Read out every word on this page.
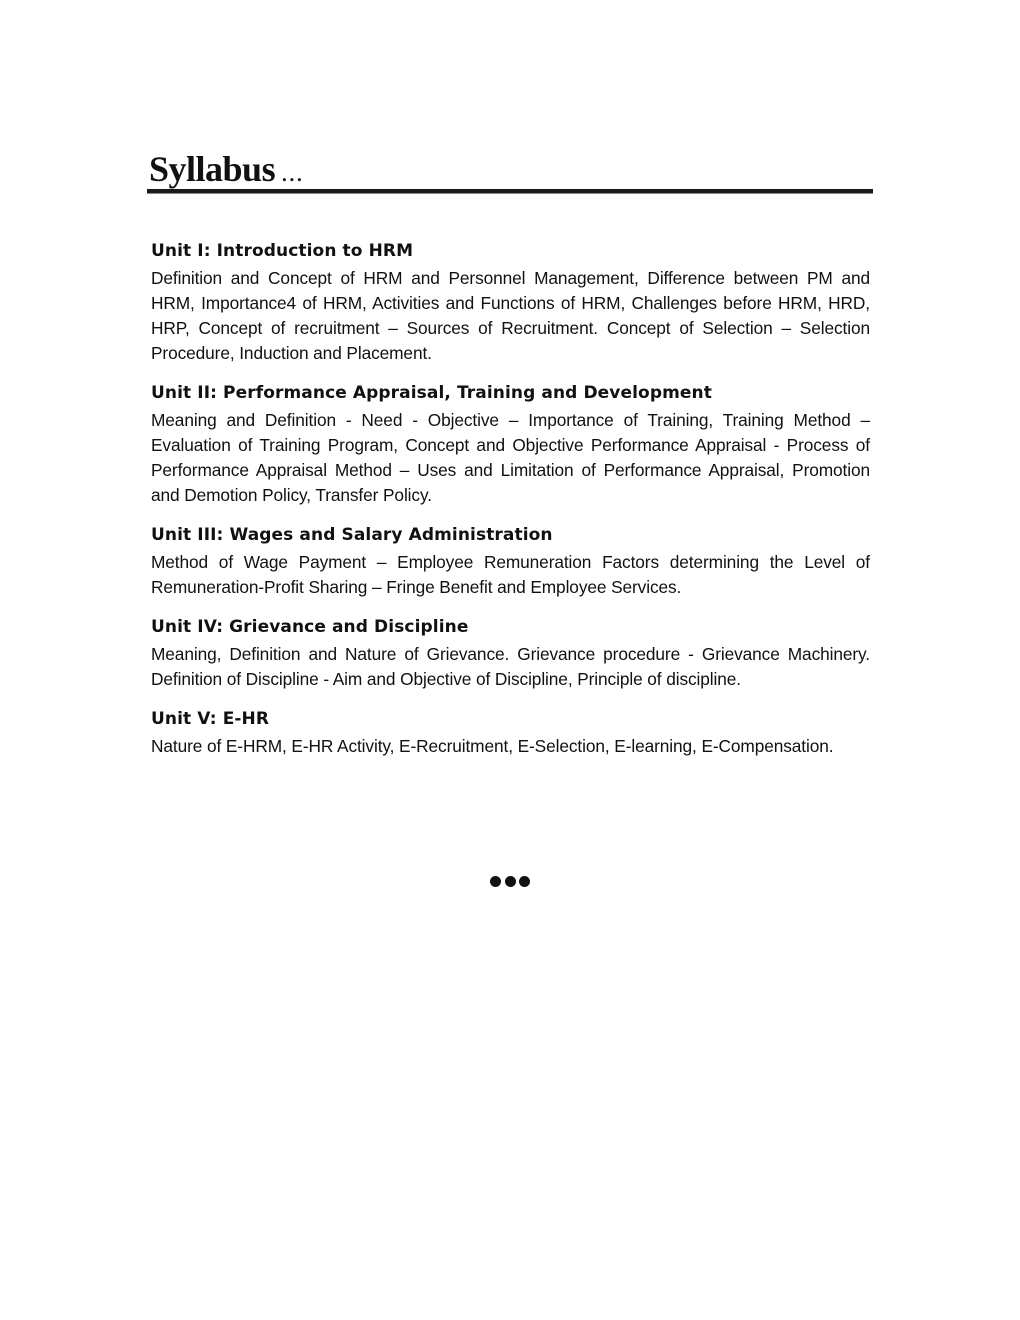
Syllabus ...
Unit I: Introduction to HRM

Definition and Concept of HRM and Personnel Management, Difference between PM and HRM, Importance4 of HRM, Activities and Functions of HRM, Challenges before HRM, HRD, HRP, Concept of recruitment – Sources of Recruitment. Concept of Selection – Selection Procedure, Induction and Placement.

Unit II: Performance Appraisal, Training and Development

Meaning and Definition - Need - Objective – Importance of Training, Training Method – Evaluation of Training Program, Concept and Objective Performance Appraisal - Process of Performance Appraisal Method – Uses and Limitation of Performance Appraisal, Promotion and Demotion Policy, Transfer Policy.

Unit III: Wages and Salary Administration

Method of Wage Payment – Employee Remuneration Factors determining the Level of Remuneration-Profit Sharing – Fringe Benefit and Employee Services.

Unit IV: Grievance and Discipline

Meaning, Definition and Nature of Grievance. Grievance procedure - Grievance Machinery. Definition of Discipline - Aim and Objective of Discipline, Principle of discipline.

Unit V: E-HR

Nature of E-HRM, E-HR Activity, E-Recruitment, E-Selection, E-learning, E-Compensation.
